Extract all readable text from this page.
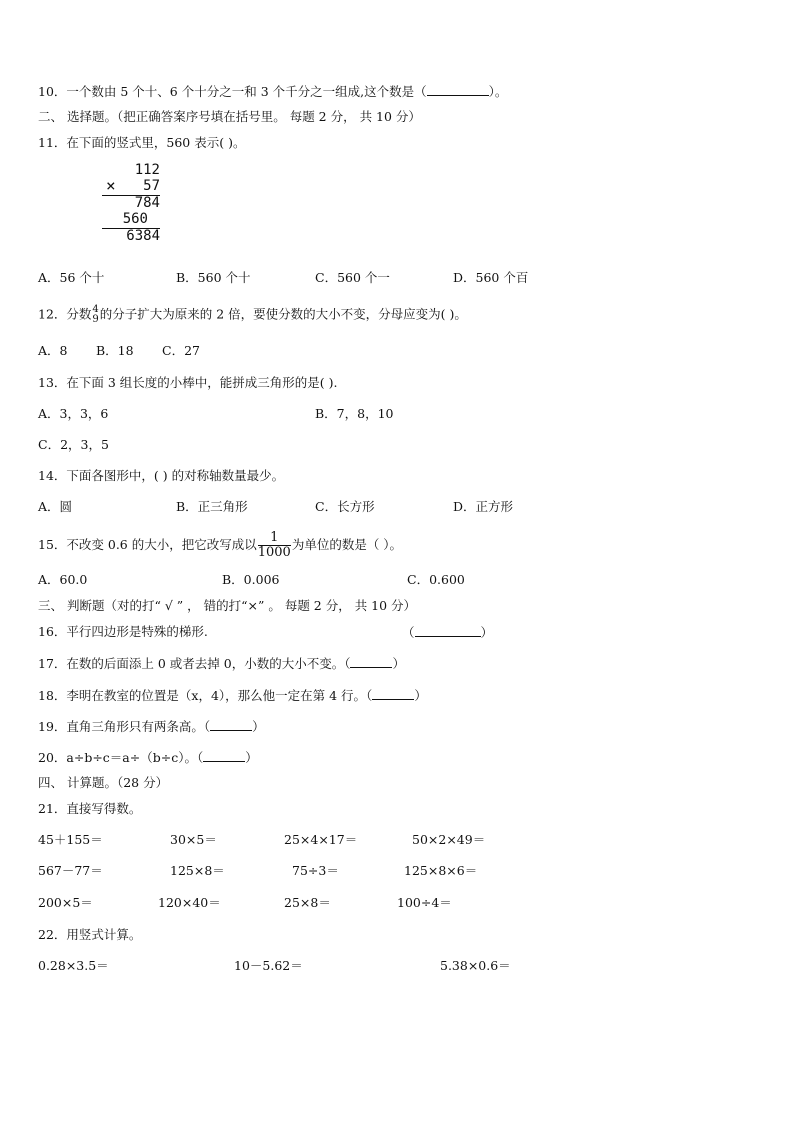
10．一个数由 5 个十、6 个十分之一和 3 个千分之一组成,这个数是（	）。
二、 选择题。（把正确答案序号填在括号里。 每题 2 分， 共 10 分）
11．在下面的竖式里，560 表示( )。
112
×	57
784
560
6384
A．56 个十	B．560 个十	C．560 个一	D．560 个百
12．分数 4
9 的分子扩大为原来的 2 倍，要使分数的大小不变，分母应变为( )。
A．8 B．18 C．27
13．在下面 3 组长度的小棒中，能拼成三角形的是( ).
A．3，3，6	B．7，8，10
C．2，3，5
14．下面各图形中，( ) 的对称轴数量最少。
A．圆	B．正三角形	C．长方形	D．正方形
15．不改变 0.6 的大小，把它改写成以 $\frac{1}{1000}$ 为单位的数是（ ）。
A．60.0	B．0.006	C．0.600
三、 判断题（对的打“ √ ” ， 错的打“×” 。 每题 2 分， 共 10 分）
16．平行四边形是特殊的梯形.	（	）
17．在数的后面添上 0 或者去掉 0，小数的大小不变。（	）
18．李明在教室的位置是（x，4），那么他一定在第 4 行。（	）
19．直角三角形只有两条高。（	）
20．a÷b÷c＝a÷（b÷c）。（	）
四、 计算题。（28 分）
21．直接写得数。
45＋155＝	30×5＝	25×4×17＝	50×2×49＝
567－77＝	125×8＝	75÷3＝	125×8×6＝
200×5＝	120×40＝	25×8＝	100÷4＝
22．用竖式计算。
0.28×3.5＝	10－5.62＝	5.38×0.6＝
